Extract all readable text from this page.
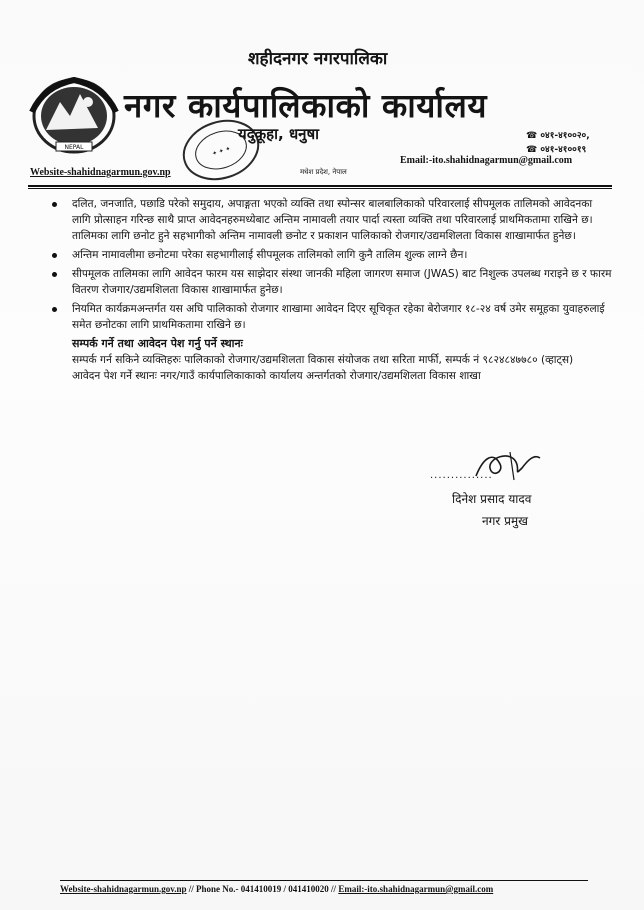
NEPAL
शहीदनगर नगरपालिका
नगर कार्यपालिकाको कार्यालय
✦ ✦ ✦
यदुकूहा, धनुषा	☎ ०४१-४१००२०,
☎ ०४१-४१००१९
Email:-ito.shahidnagarmun@gmail.com
Website-shahidnagarmun.gov.np	मधेश प्रदेश, नेपाल
दलित, जनजाति, पछाडि परेको समुदाय, अपाङ्गता भएको व्यक्ति तथा स्पोन्सर बालबालिकाको परिवारलाई सीपमूलक तालिमको आवेदनका लागि प्रोत्साहन गरिन्छ साथै प्राप्त आवेदनहरुमध्येबाट अन्तिम नामावली तयार पार्दा त्यस्ता व्यक्ति तथा परिवारलाई प्राथमिकतामा राखिने छ। तालिमका लागि छनोट हुने सहभागीको अन्तिम नामावली छनोट र प्रकाशन पालिकाको रोजगार/उद्यमशिलता विकास शाखामार्फत हुनेछ।
अन्तिम नामावलीमा छनोटमा परेका सहभागीलाई सीपमूलक तालिमको लागि कुनै तालिम शुल्क लाग्ने छैन।
सीपमूलक तालिमका लागि आवेदन फारम यस साझेदार संस्था जानकी महिला जागरण समाज (JWAS) बाट निशुल्क उपलब्ध गराइने छ र फारम वितरण रोजगार/उद्यमशिलता विकास शाखामार्फत हुनेछ।
नियमित कार्यक्रमअन्तर्गत यस अघि पालिकाको रोजगार शाखामा आवेदन दिएर सूचिकृत रहेका बेरोजगार १८-२४ वर्ष उमेर समूहका युवाहरुलाई समेत छनोटका लागि प्राथमिकतामा राखिने छ।
सम्पर्क गर्ने तथा आवेदन पेश गर्नु पर्ने स्थानः
सम्पर्क गर्न सकिने व्यक्तिहरुः पालिकाको रोजगार/उद्यमशिलता विकास संयोजक तथा सरिता मार्फी, सम्पर्क नं ९८२४८४७७८० (व्हाट्स)
आवेदन पेश गर्ने स्थानः नगर/गाउँ कार्यपालिकाकाको कार्यालय अन्तर्गतको रोजगार/उद्यमशिलता विकास शाखा
...............
दिनेश प्रसाद यादव
नगर प्रमुख
Website-shahidnagarmun.gov.np // Phone No.- 041410019 / 041410020 // Email:-ito.shahidnagarmun@gmail.com
